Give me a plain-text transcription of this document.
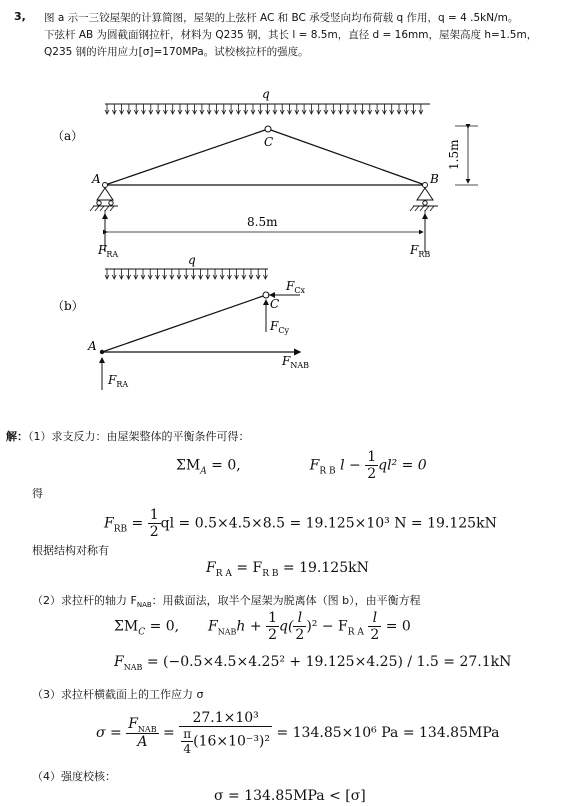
3, 图 a 示一三铰屋架的计算简图，屋架的上弦杆 AC 和 BC 承受竖向均布荷载 q 作用，q = 4 .5kN/m。
下弦杆 AB 为圆截面钢拉杆，材料为 Q235 钢，其长 l = 8.5m，直径 d = 16mm，屋架高度 h=1.5m，
Q235 钢的许用应力[σ]=170MPa。试校核拉杆的强度。
q
（a）	C
A	B
1.5m
8.5m
$F_{RA}$	$F_{RB}$
q
（b）	C
A
$F_{Cx}$
$F_{Cy}$
$F_{NAB}$
$F_{RA}$
解：（1）求支反力：由屋架整体的平衡条件可得：
$\Sigma M_A = 0$,	$F_{R B}$ $l - \frac{1}{2} ql^2 = 0$
得
$F_{RB} = \frac{1}{2}$ ql = 0.5×4.5×8.5 = 19.125×10³ N = 19.125kN
根据结构对称有
$F_{R A} = F_{R B} = 19.125kN$
（2）求拉杆的轴力 $F_{NAB}$：用截面法，取半个屋架为脱离体（图 b），由平衡方程
$\Sigma M_C = 0$, $F_{NAB}h + \frac{1}{2} q( \frac{l}{2} )^2 - F_{R A} \frac{l}{2} = 0$
$F_{NAB} = (-0.5\times 4.5\times 4.25^2 + 19.125\times 4.25) / 1.5 = 27.1kN$
（3）求拉杆横截面上的工作应力 σ
$\sigma = \frac{F_{NAB}}{A} = \frac{\text{27.1×10³}}{\frac{\pi}{4} (16\times 10^{-3})^2} = 134.85\times 10^6$ Pa = 134.85MPa
（4）强度校核：
σ = 134.85MPa < [σ]
